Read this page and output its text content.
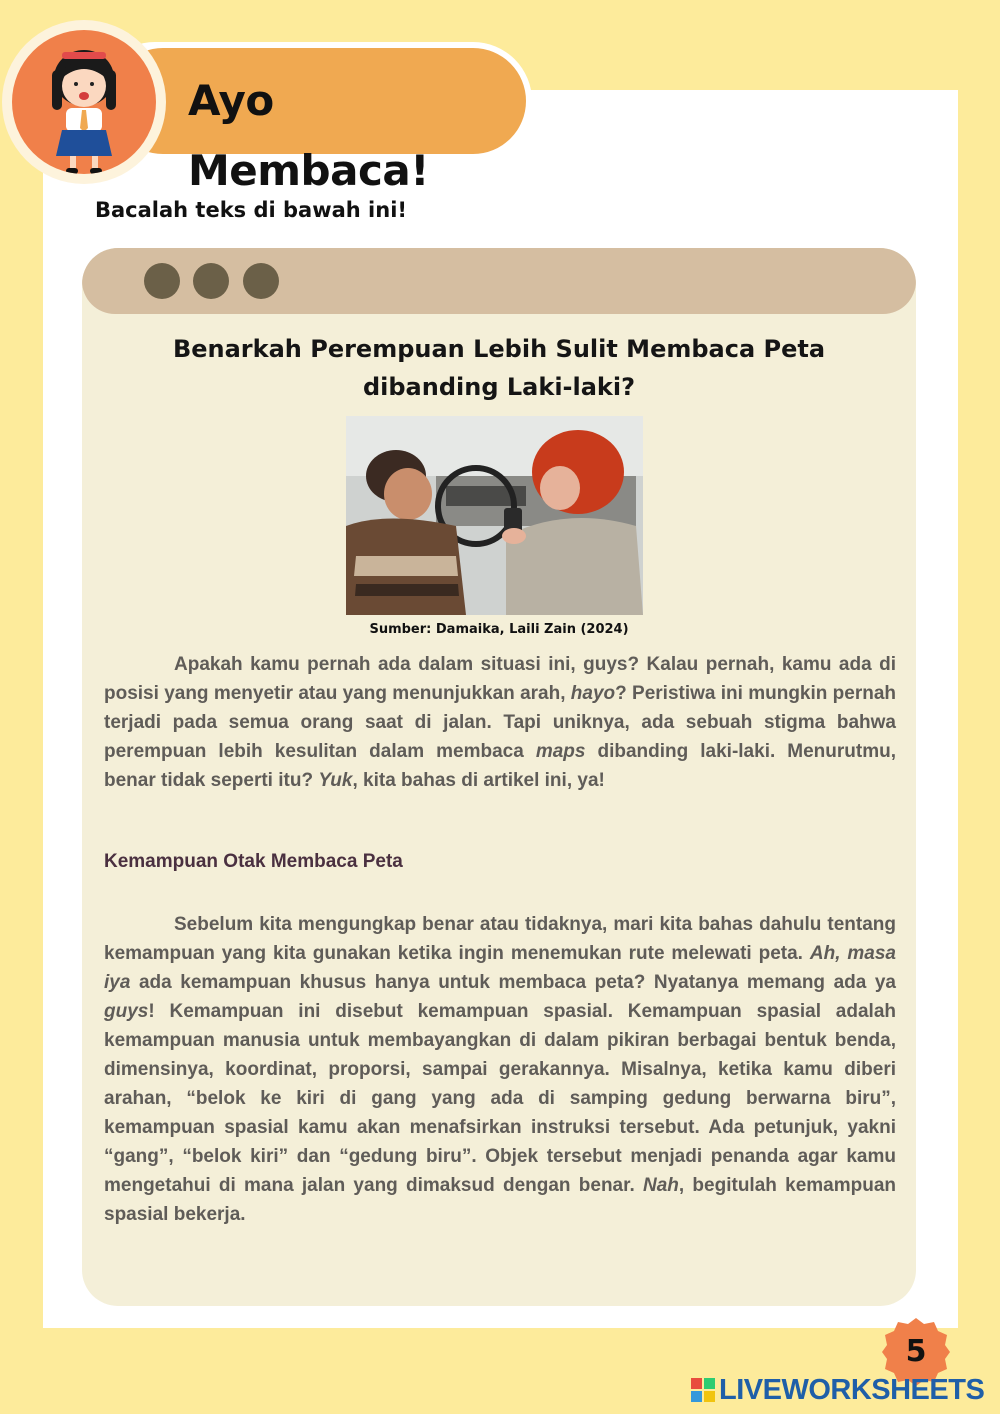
Ayo Membaca!
Bacalah teks di bawah ini!
Benarkah Perempuan Lebih Sulit Membaca Peta
dibanding Laki-laki?
Sumber: Damaika, Laili Zain (2024)

Apakah kamu pernah ada dalam situasi ini, guys? Kalau pernah, kamu ada di posisi yang menyetir atau yang menunjukkan arah, hayo? Peristiwa ini mungkin pernah terjadi pada semua orang saat di jalan. Tapi uniknya, ada sebuah stigma bahwa perempuan lebih kesulitan dalam membaca maps dibanding laki-laki. Menurutmu, benar tidak seperti itu? Yuk, kita bahas di artikel ini, ya!

Kemampuan Otak Membaca Peta

Sebelum kita mengungkap benar atau tidaknya, mari kita bahas dahulu tentang kemampuan yang kita gunakan ketika ingin menemukan rute melewati peta. Ah, masa iya ada kemampuan khusus hanya untuk membaca peta? Nyatanya memang ada ya guys! Kemampuan ini disebut kemampuan spasial. Kemampuan spasial adalah kemampuan manusia untuk membayangkan di dalam pikiran berbagai bentuk benda, dimensinya, koordinat, proporsi, sampai gerakannya. Misalnya, ketika kamu diberi arahan, “belok ke kiri di gang yang ada di samping gedung berwarna biru”, kemampuan spasial kamu akan menafsirkan instruksi tersebut. Ada petunjuk, yakni “gang”, “belok kiri” dan “gedung biru”. Objek tersebut menjadi penanda agar kamu mengetahui di mana jalan yang dimaksud dengan benar. Nah, begitulah kemampuan spasial bekerja.

5
LIVEWORKSHEETS
